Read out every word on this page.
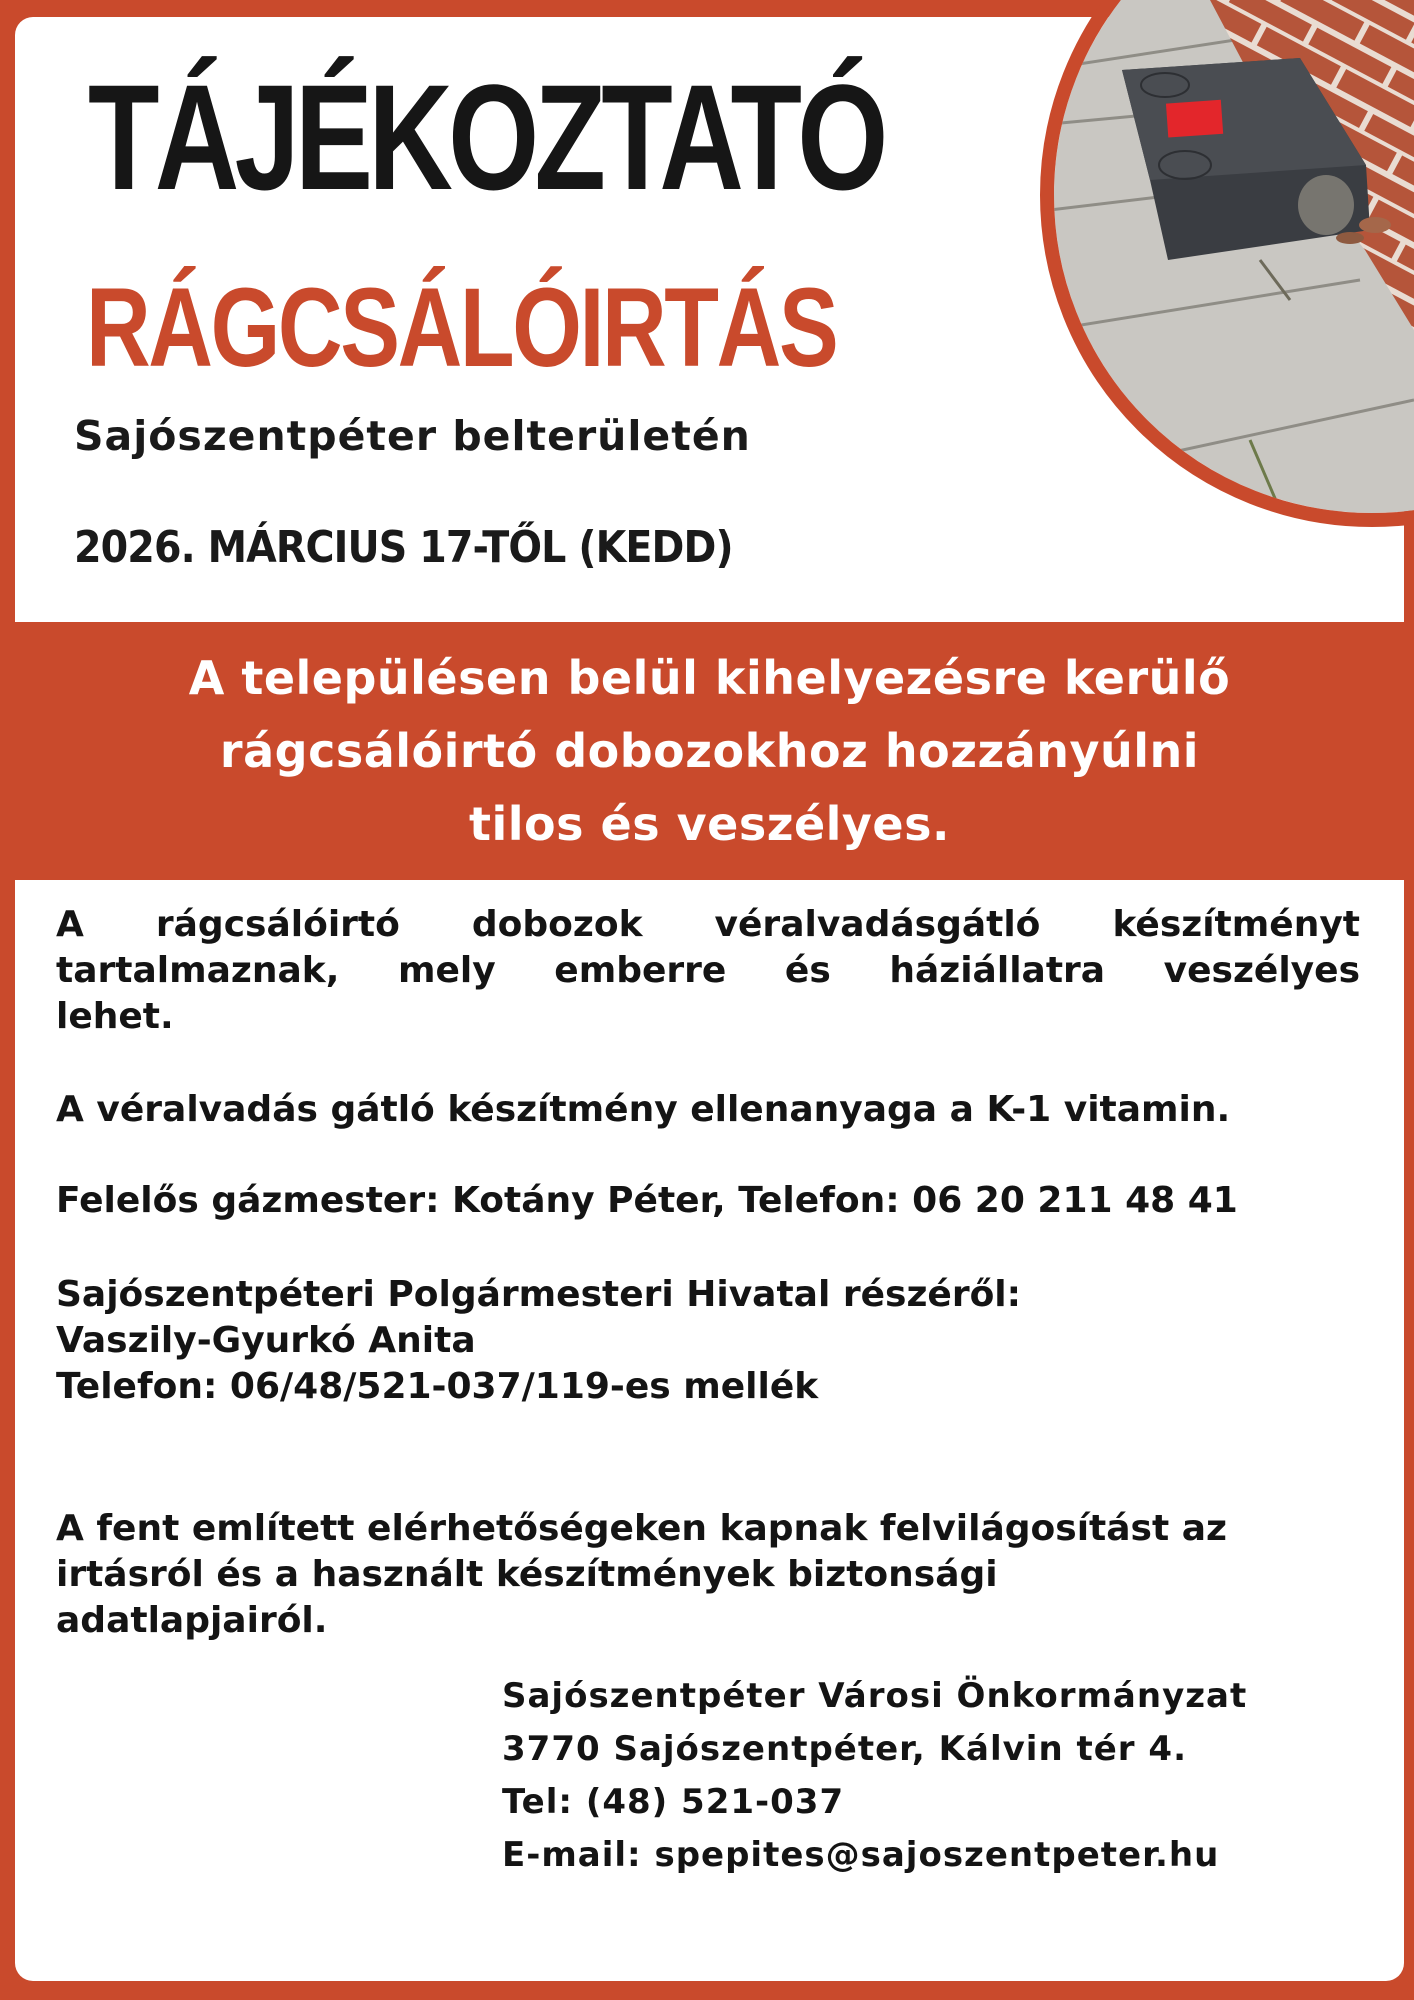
TÁJÉKOZTATÓ
RÁGCSÁLÓIRTÁS
Sajószentpéter belterületén
2026. MÁRCIUS 17-TŐL (KEDD)
A településen belül kihelyezésre kerülő
rágcsálóirtó dobozokhoz hozzányúlni
tilos és veszélyes.
A rágcsálóirtó dobozok véralvadásgátló készítményt
tartalmaznak, mely emberre és háziállatra veszélyes
lehet.
A véralvadás gátló készítmény ellenanyaga a K-1 vitamin.
Felelős gázmester: Kotány Péter, Telefon: 06 20 211 48 41
Sajószentpéteri Polgármesteri Hivatal részéről:
Vaszily-Gyurkó Anita
Telefon: 06/48/521-037/119-es mellék
A fent említett elérhetőségeken kapnak felvilágosítást az
irtásról és a használt készítmények biztonsági
adatlapjairól.
Sajószentpéter Városi Önkormányzat
3770 Sajószentpéter, Kálvin tér 4.
Tel: (48) 521-037
E-mail: spepites@sajoszentpeter.hu
